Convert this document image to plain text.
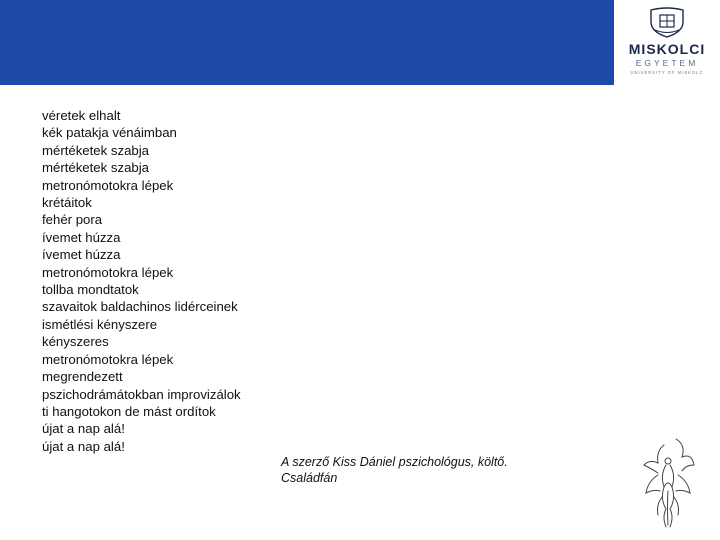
MISKOLCI
EGYETEM
UNIVERSITY OF MISKOLC
véretek elhalt
kék patakja vénáimban
mértéketek szabja
mértéketek szabja
metronómotokra lépek
krétáitok
fehér pora
ívemet húzza
ívemet húzza
metronómotokra lépek
tollba mondtatok
szavaitok baldachinos lidérceinek
ismétlési kényszere
kényszeres
metronómotokra lépek
megrendezett
pszichodrámátokban improvizálok
ti hangotokon de mást ordítok
újat a nap alá!
újat a nap alá!
A szerző Kiss Dániel pszichológus, költő.
Családfán
